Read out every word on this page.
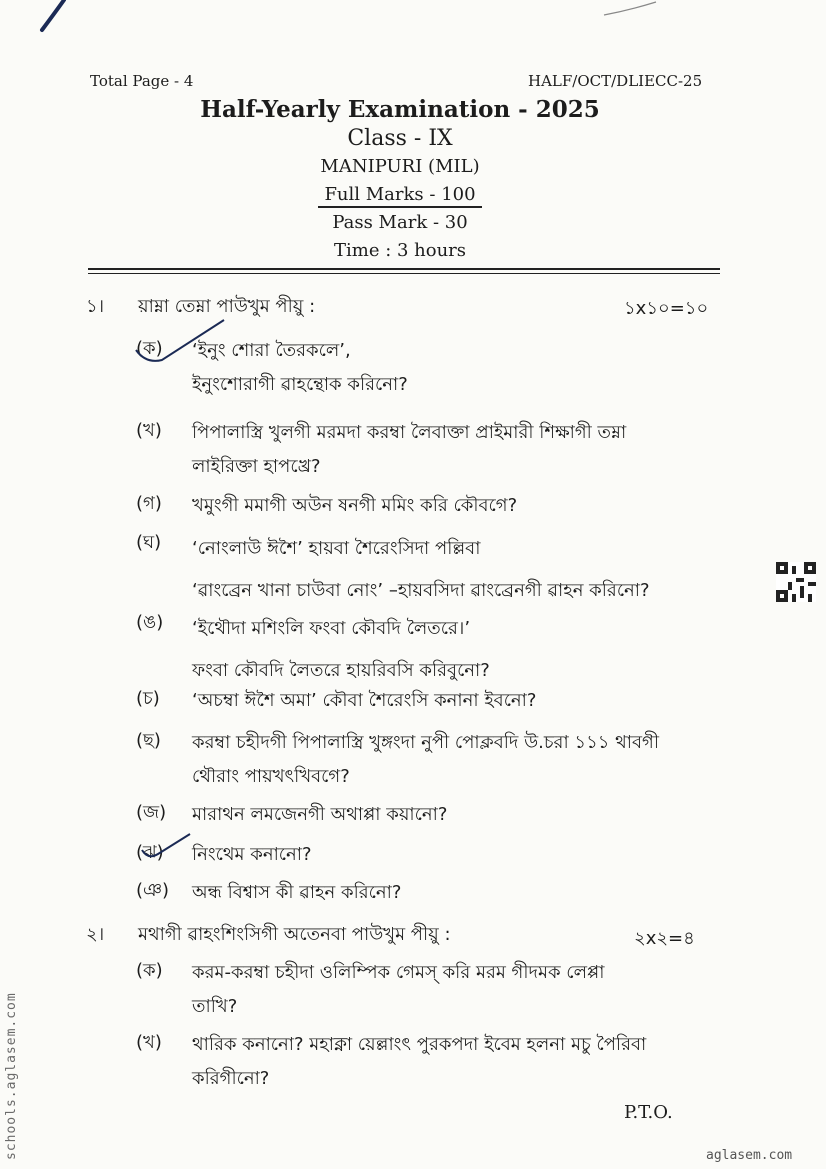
Total Page - 4	HALF/OCT/DLIECC-25
Half-Yearly Examination - 2025
Class - IX
MANIPURI (MIL)
Full Marks - 100
Pass Mark - 30
Time : 3 hours
১। য়াম্না তেম্না পাউখুম পীয়ু :	১x১০=১০
(ক) ‘ইনুং শোরা তৈরকলে’,
ইনুংশোরাগী ৱাহন্থোক করিনো?
(খ) পিপালাস্ত্রি খুলগী মরমদা করম্বা লৈবাক্তা প্রাইমারী শিক্ষাগী তম্না
লাইরিক্তা হাপখ্রে?
(গ) খমুংগী মমাগী অউন ষনগী মমিং করি কৌবগে?
(ঘ) ‘নোংলাউ ঈশৈ’ হায়বা শৈরেংসিদা পল্লিবা
‘ৱাংব্রেন খানা চাউবা নোং’ –হায়বসিদা ৱাংব্রেনগী ৱাহন করিনো?
(ঙ) ‘ইথৌদা মশিংলি ফংবা কৌবদি লৈতরে।’
ফংবা কৌবদি লৈতরে হায়রিবসি করিবুনো?
(চ) ‘অচম্বা ঈশৈ অমা’ কৌবা শৈরেংসি কনানা ইবনো?
(ছ) করম্বা চহীদগী পিপালাস্ত্রি খুঙ্গংদা নুপী পোক্লবদি উ.চরা ১১১ থাবগী
থৌরাং পায়খৎখিবগে?
(জ) মারাথন লমজেনগী অথাপ্পা কয়ানো?
(ঝ) নিংথেম কনানো?
(ঞ) অন্ধ বিশ্বাস কী ৱাহন করিনো?
২। মথাগী ৱাহংশিংসিগী অতেনবা পাউখুম পীয়ু :	২x২=৪
(ক) করম-করম্বা চহীদা ওলিম্পিক গেমস্‌ করি মরম গীদমক লেপ্পা
তাখি?
(খ) থারিক কনানো? মহাক্না য়েল্লাংৎ পুরকপদা ইবেম হলনা মচু পৈরিবা
করিগীনো?
P.T.O.
schools.aglasem.com	aglasem.com
